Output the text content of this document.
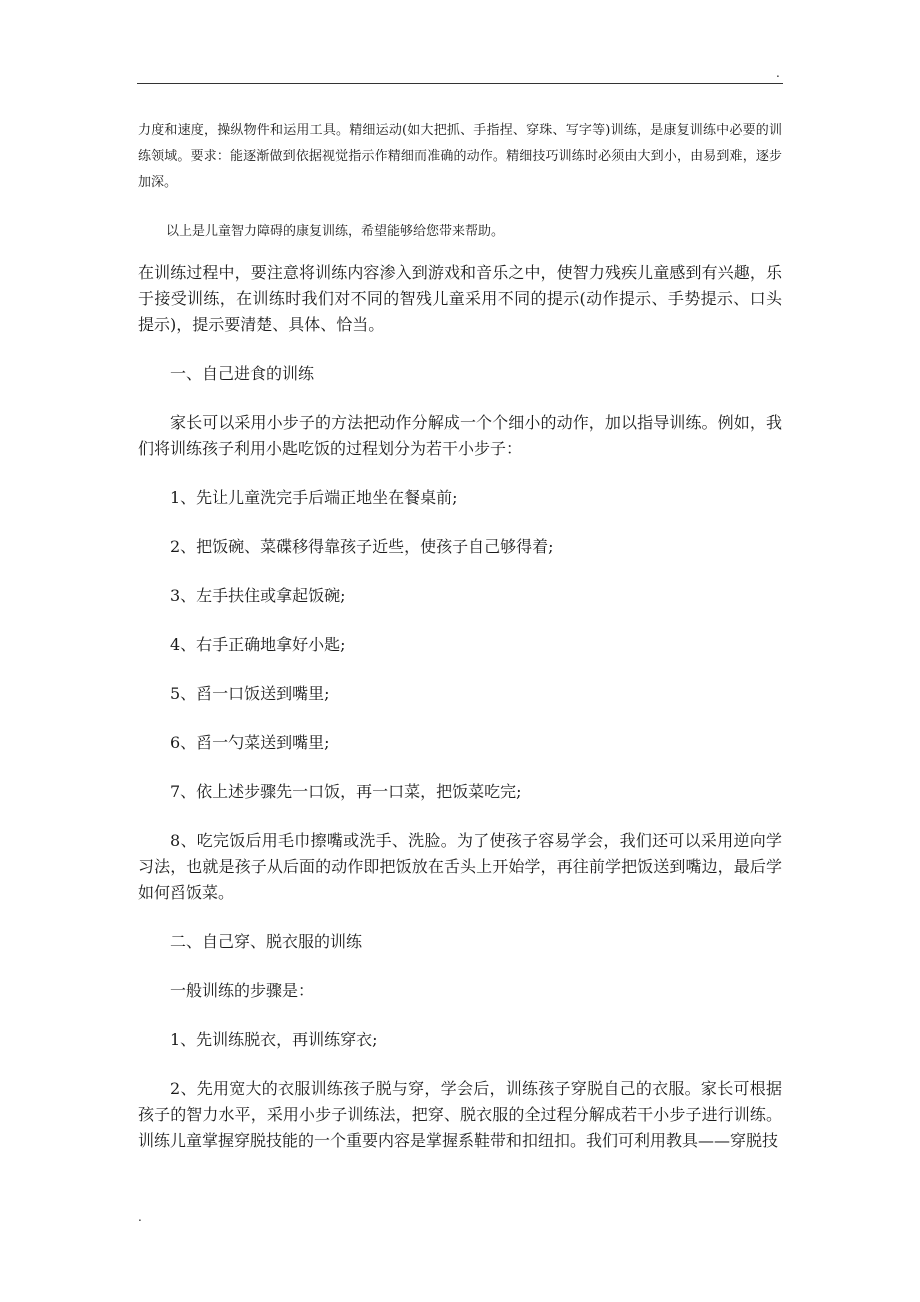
.

力度和速度，操纵物件和运用工具。精细运动(如大把抓、手指捏、穿珠、写字等)训练，是康复训练中必要的训练领域。要求：能逐渐做到依据视觉指示作精细而准确的动作。精细技巧训练时必须由大到小，由易到难，逐步加深。

以上是儿童智力障碍的康复训练，希望能够给您带来帮助。

在训练过程中，要注意将训练内容渗入到游戏和音乐之中，使智力残疾儿童感到有兴趣，乐于接受训练，在训练时我们对不同的智残儿童采用不同的提示(动作提示、手势提示、口头提示)，提示要清楚、具体、恰当。

一、自己进食的训练

家长可以采用小步子的方法把动作分解成一个个细小的动作，加以指导训练。例如，我们将训练孩子利用小匙吃饭的过程划分为若干小步子：

1、先让儿童洗完手后端正地坐在餐桌前;

2、把饭碗、菜碟移得靠孩子近些，使孩子自己够得着;

3、左手扶住或拿起饭碗;

4、右手正确地拿好小匙;

5、舀一口饭送到嘴里;

6、舀一勺菜送到嘴里;

7、依上述步骤先一口饭，再一口菜，把饭菜吃完;

8、吃完饭后用毛巾擦嘴或洗手、洗脸。为了使孩子容易学会，我们还可以采用逆向学习法，也就是孩子从后面的动作即把饭放在舌头上开始学，再往前学把饭送到嘴边，最后学如何舀饭菜。

二、自己穿、脱衣服的训练

一般训练的步骤是：

1、先训练脱衣，再训练穿衣;

2、先用宽大的衣服训练孩子脱与穿，学会后，训练孩子穿脱自己的衣服。家长可根据孩子的智力水平，采用小步子训练法，把穿、脱衣服的全过程分解成若干小步子进行训练。训练儿童掌握穿脱技能的一个重要内容是掌握系鞋带和扣纽扣。我们可利用教具——穿脱技

.
